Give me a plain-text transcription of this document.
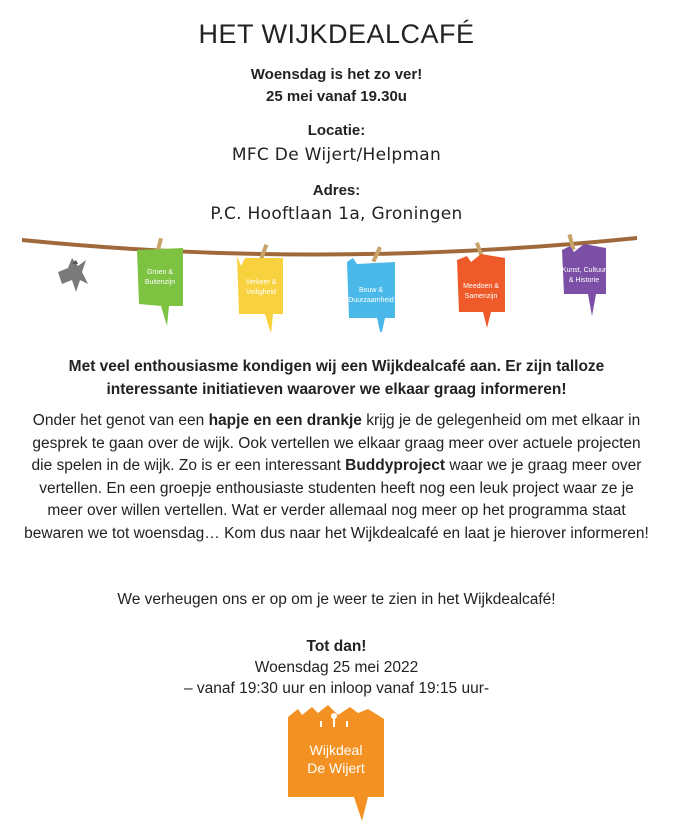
HET WIJKDEALCAFÉ
Woensdag is het zo ver!
25 mei vanaf 19.30u
Locatie:
MFC De Wijert/Helpman
Adres:
P.C. Hooftlaan 1a, Groningen
Groen &
Buitenzijn	Verkeer &
Veiligheid	Bouw &
Duurzaamheid
Meedoen &
Samenzijn
Kunst, Cultuur
& Historie
Met veel enthousiasme kondigen wij een Wijkdealcafé aan. Er zijn talloze interessante initiatieven waarover we elkaar graag informeren!
Onder het genot van een hapje en een drankje krijg je de gelegenheid om met elkaar in gesprek te gaan over de wijk. Ook vertellen we elkaar graag meer over actuele projecten die spelen in de wijk. Zo is er een interessant Buddyproject waar we je graag meer over vertellen. En een groepje enthousiaste studenten heeft nog een leuk project waar ze je meer over willen vertellen. Wat er verder allemaal nog meer op het programma staat bewaren we tot woensdag… Kom dus naar het Wijkdealcafé en laat je hierover informeren!
We verheugen ons er op om je weer te zien in het Wijkdealcafé!
Tot dan!
Woensdag 25 mei 2022
– vanaf 19:30 uur en inloop vanaf 19:15 uur-
Wijkdeal
De Wijert
